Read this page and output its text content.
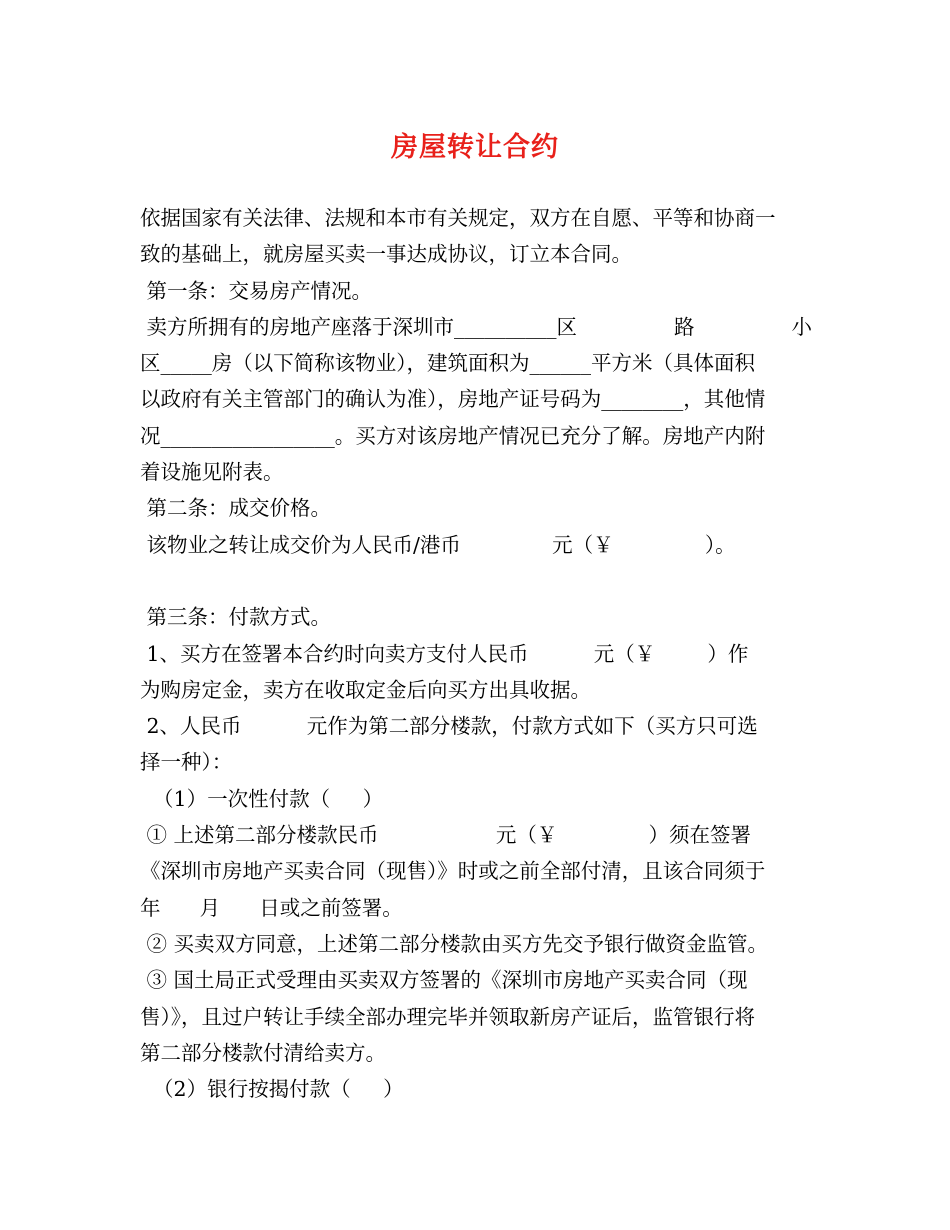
房屋转让合约
依据国家有关法律、法规和本市有关规定，双方在自愿、平等和协商一
致的基础上，就房屋买卖一事达成协议，订立本合同。
第一条：交易房产情况。
卖方所拥有的房地产座落于深圳市__________区	路	小
区_____房（以下简称该物业），建筑面积为______平方米（具体面积
以政府有关主管部门的确认为准），房地产证号码为________，其他情
况_________________。买方对该房地产情况已充分了解。房地产内附
着设施见附表。
第二条：成交价格。
该物业之转让成交价为人民币/港币              元（￥              ）。
第三条：付款方式。
1、买方在签署本合约时向卖方支付人民币          元（￥        ）作
为购房定金，卖方在收取定金后向买方出具收据。
2、人民币          元作为第二部分楼款，付款方式如下（买方只可选
择一种）：
（1）一次性付款（     ）
① 上述第二部分楼款民币                  元（￥              ）须在签署
《深圳市房地产买卖合同（现售）》时或之前全部付清，且该合同须于
年      月      日或之前签署。
② 买卖双方同意，上述第二部分楼款由买方先交予银行做资金监管。
③ 国土局正式受理由买卖双方签署的《深圳市房地产买卖合同（现
售）》，且过户转让手续全部办理完毕并领取新房产证后，监管银行将
第二部分楼款付清给卖方。
（2）银行按揭付款（     ）
